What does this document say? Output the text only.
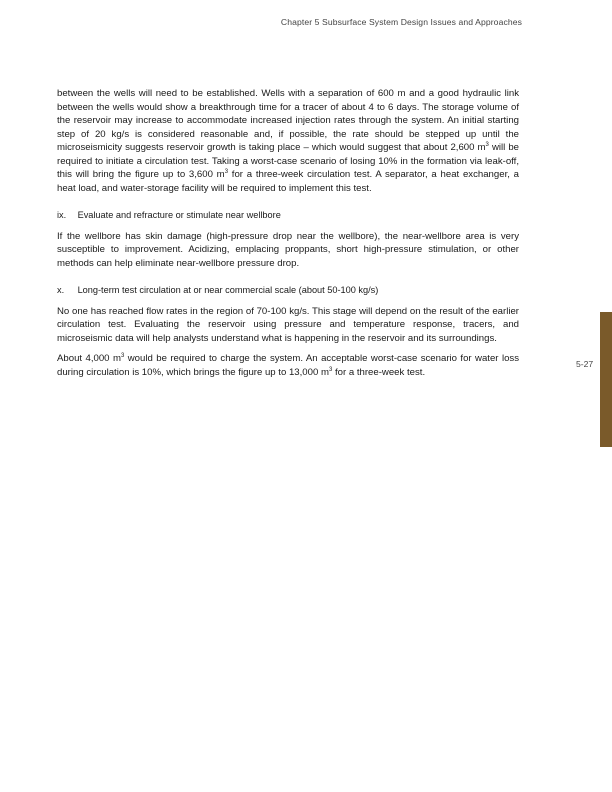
Chapter 5 Subsurface System Design Issues and Approaches

between the wells will need to be established. Wells with a separation of 600 m and a good hydraulic link between the wells would show a breakthrough time for a tracer of about 4 to 6 days. The storage volume of the reservoir may increase to accommodate increased injection rates through the system. An initial starting step of 20 kg/s is considered reasonable and, if possible, the rate should be stepped up until the microseismicity suggests reservoir growth is taking place – which would suggest that about 2,600 $m^3$ will be required to initiate a circulation test. Taking a worst-case scenario of losing 10% in the formation via leak-off, this will bring the figure up to 3,600 $m^3$ for a three-week circulation test. A separator, a heat exchanger, a heat load, and water-storage facility will be required to implement this test.

ix. Evaluate and refracture or stimulate near wellbore

If the wellbore has skin damage (high-pressure drop near the wellbore), the near-wellbore area is very susceptible to improvement. Acidizing, emplacing proppants, short high-pressure stimulation, or other methods can help eliminate near-wellbore pressure drop.

x. Long-term test circulation at or near commercial scale (about 50-100 kg/s)

No one has reached flow rates in the region of 70-100 kg/s. This stage will depend on the result of the earlier circulation test. Evaluating the reservoir using pressure and temperature response, tracers, and microseismic data will help analysts understand what is happening in the reservoir and its surroundings.

About 4,000 $m^3$ would be required to charge the system. An acceptable worst-case scenario for water loss during circulation is 10%, which brings the figure up to 13,000 $m^3$ for a three-week test.

5-27
